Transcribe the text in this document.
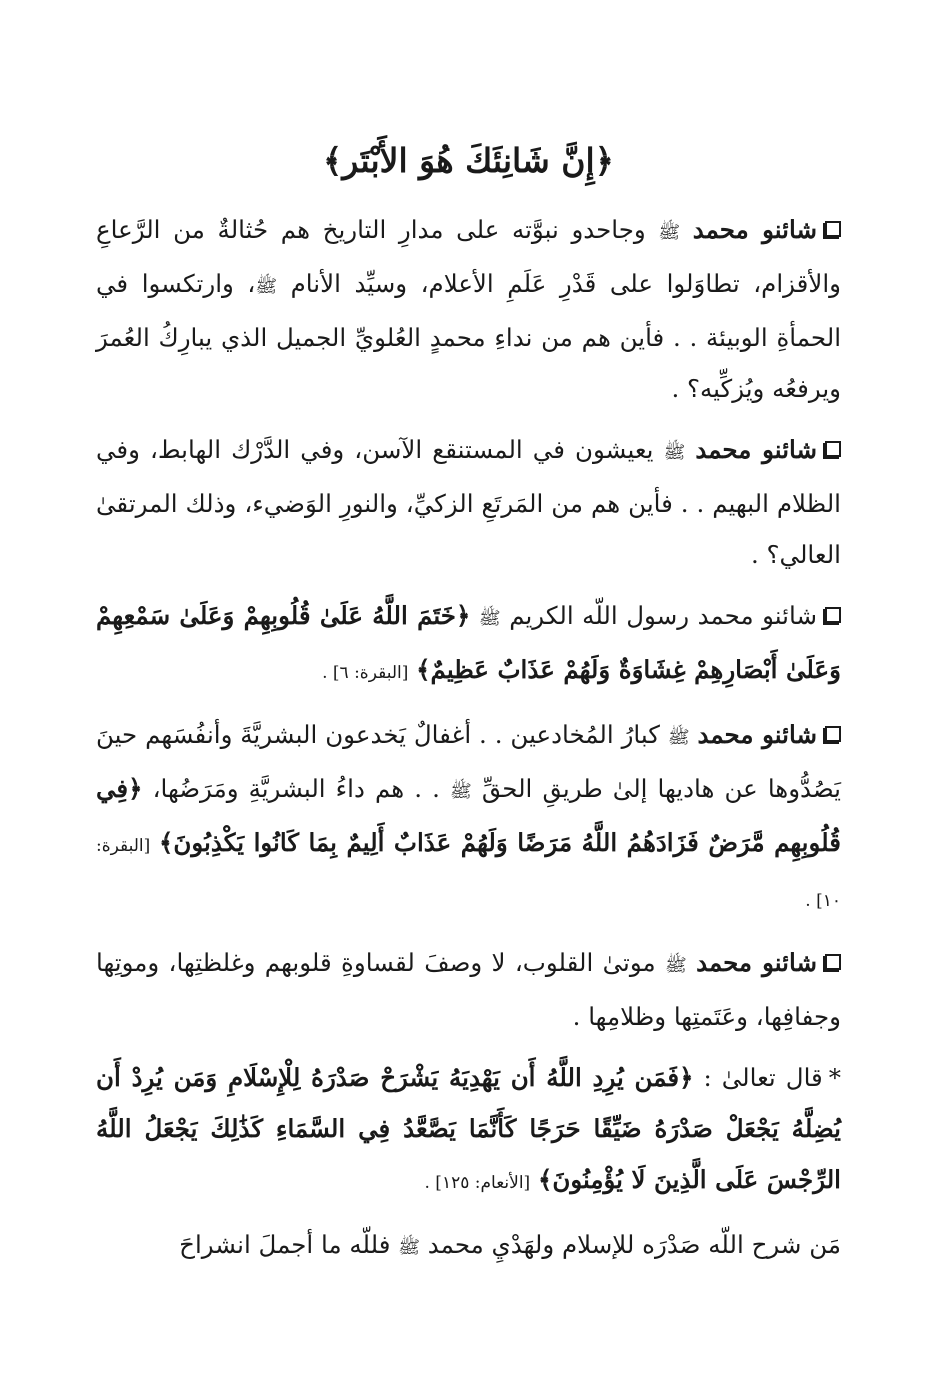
﴿إِنَّ شَانِئَكَ هُوَ الأَبْتَر﴾

شائنو محمد ﷺ وجاحدو نبوَّته على مدارِ التاريخ هم حُثالةٌ من الرَّعاعِ والأقزام، تطاوَلوا على قَدْرِ عَلَمِ الأعلام، وسيِّد الأنام ﷺ، وارتكسوا في الحمأةِ الوبيئة . . فأين هم من نداءِ محمدٍ العُلويِّ الجميل الذي يبارِكُ العُمرَ ويرفعُه ويُزكِّيه؟ .

شائنو محمد ﷺ يعيشون في المستنقع الآسن، وفي الدَّرْك الهابط، وفي الظلام البهيم . . فأين هم من المَرتَعِ الزكيِّ، والنورِ الوَضيء، وذلك المرتقىٰ العالي؟ .

شائنو محمد رسول اللّه الكريم ﷺ ﴿خَتَمَ اللَّهُ عَلَىٰ قُلُوبِهِمْ وَعَلَىٰ سَمْعِهِمْ وَعَلَىٰ أَبْصَارِهِمْ غِشَاوَةٌ وَلَهُمْ عَذَابٌ عَظِيمٌ﴾ [البقرة: ٦] .

شائنو محمد ﷺ كبارُ المُخادعين . . أغفالٌ يَخدعون البشريَّةَ وأنفُسَهم حينَ يَصُدُّوها عن هاديها إلىٰ طريقِ الحقِّ ﷺ . . هم داءُ البشريَّةِ ومَرَضُها، ﴿فِي قُلُوبِهِم مَّرَضٌ فَزَادَهُمُ اللَّهُ مَرَضًا وَلَهُمْ عَذَابٌ أَلِيمٌ بِمَا كَانُوا يَكْذِبُونَ﴾ [البقرة: ١٠] .

شائنو محمد ﷺ موتىٰ القلوب، لا وصفَ لقساوةِ قلوبهم وغلظتِها، وموتِها وجفافِها، وعَتَمتِها وظلامِها .

*قال تعالىٰ : ﴿فَمَن يُرِدِ اللَّهُ أَن يَهْدِيَهُ يَشْرَحْ صَدْرَهُ لِلْإِسْلَامِ وَمَن يُرِدْ أَن يُضِلَّهُ يَجْعَلْ صَدْرَهُ ضَيِّقًا حَرَجًا كَأَنَّمَا يَصَّعَّدُ فِي السَّمَاءِ كَذَٰلِكَ يَجْعَلُ اللَّهُ الرِّجْسَ عَلَى الَّذِينَ لَا يُؤْمِنُونَ﴾ [الأنعام: ١٢٥] .

مَن شرح اللّه صَدْرَه للإسلام ولهَدْيِ محمد ﷺ فللّه ما أجملَ انشراحَ
